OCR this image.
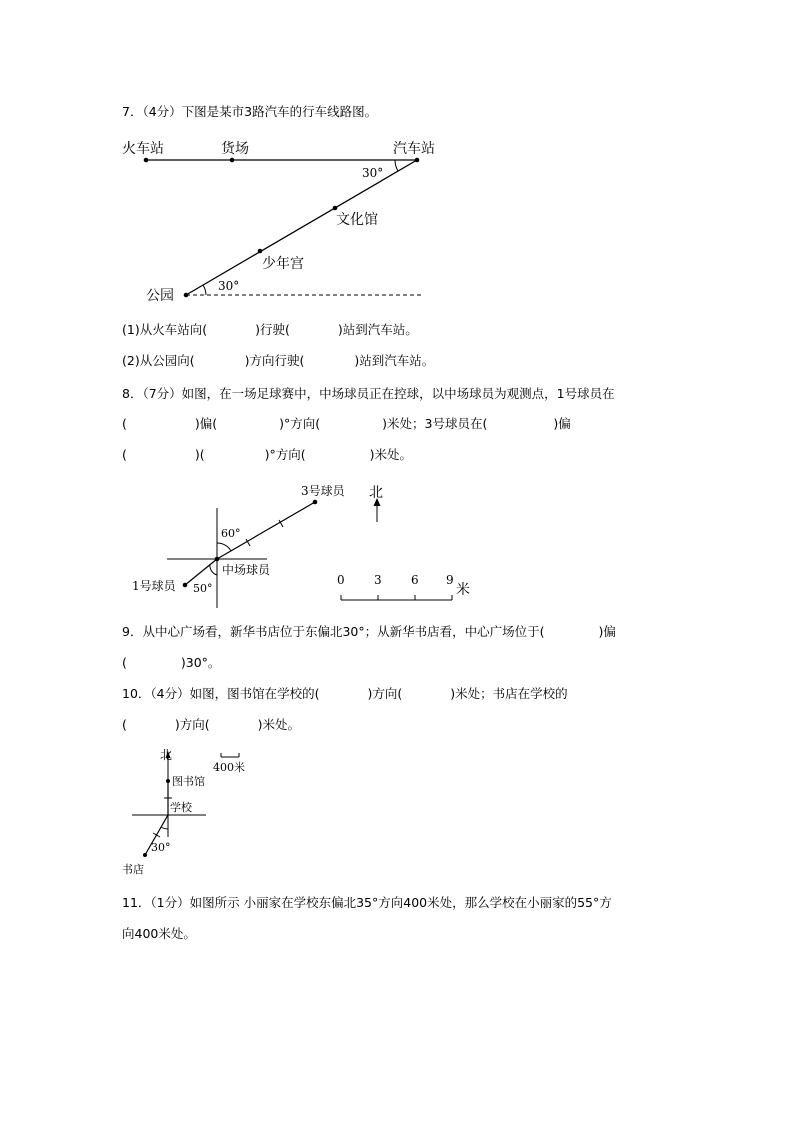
7．（4分）下图是某市3路汽车的行车线路图。
火车站	货场	汽车站
文化馆
少年宫
公园
30°
30°
(1)从火车站向(	)行驶(	)站到汽车站。
(2)从公园向(	)方向行驶(	)站到汽车站。
8．（7分）如图，在一场足球赛中，中场球员正在控球，以中场球员为观测点，1号球员在
(	)偏(	)°方向(	)米处；3号球员在(	)偏
(	)(	)°方向(	)米处。
0 3 6 9
米
3号球员 北
60°
中场球员
1号球员 50°
9．从中心广场看，新华书店位于东偏北30°；从新华书店看，中心广场位于(	)偏
(	)30°。
10．（4分）如图，图书馆在学校的(	)方向(	)米处；书店在学校的
(	)方向(	)米处。
北
400米
图书馆
学校
30°
书店
11．（1分）如图所示 小丽家在学校东偏北35°方向400米处，那么学校在小丽家的55°方
向400米处。
